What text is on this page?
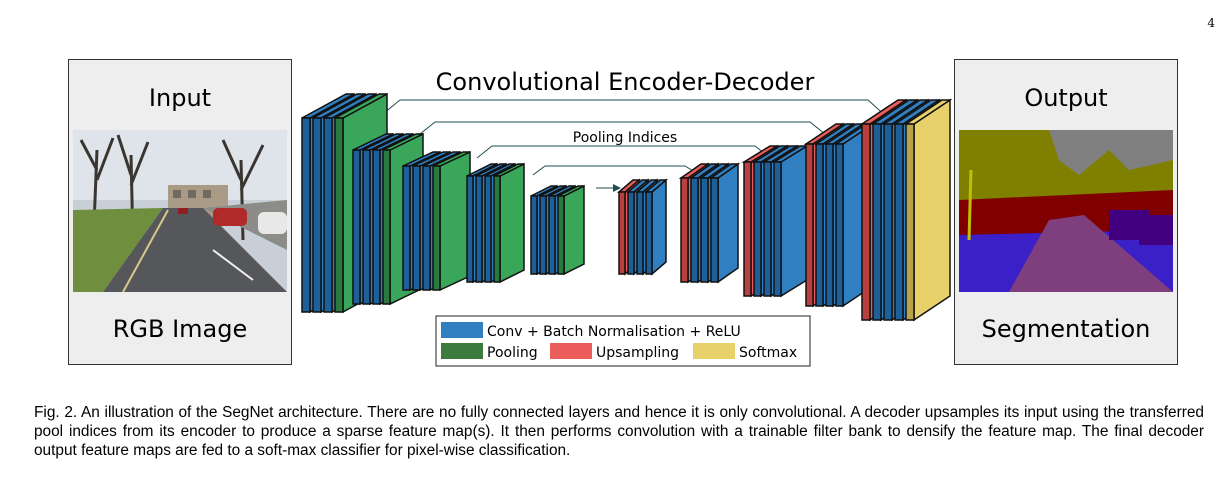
4
Input
RGB Image
Output
Segmentation
Convolutional Encoder-Decoder
Pooling Indices
Conv + Batch Normalisation + ReLU
Pooling	Upsampling	Softmax
Fig. 2. An illustration of the SegNet architecture. There are no fully connected layers and hence it is only convolutional. A decoder upsamples its input using the transferred pool indices from its encoder to produce a sparse feature map(s). It then performs convolution with a trainable filter bank to densify the feature map. The final decoder output feature maps are fed to a soft-max classifier for pixel-wise classification.
